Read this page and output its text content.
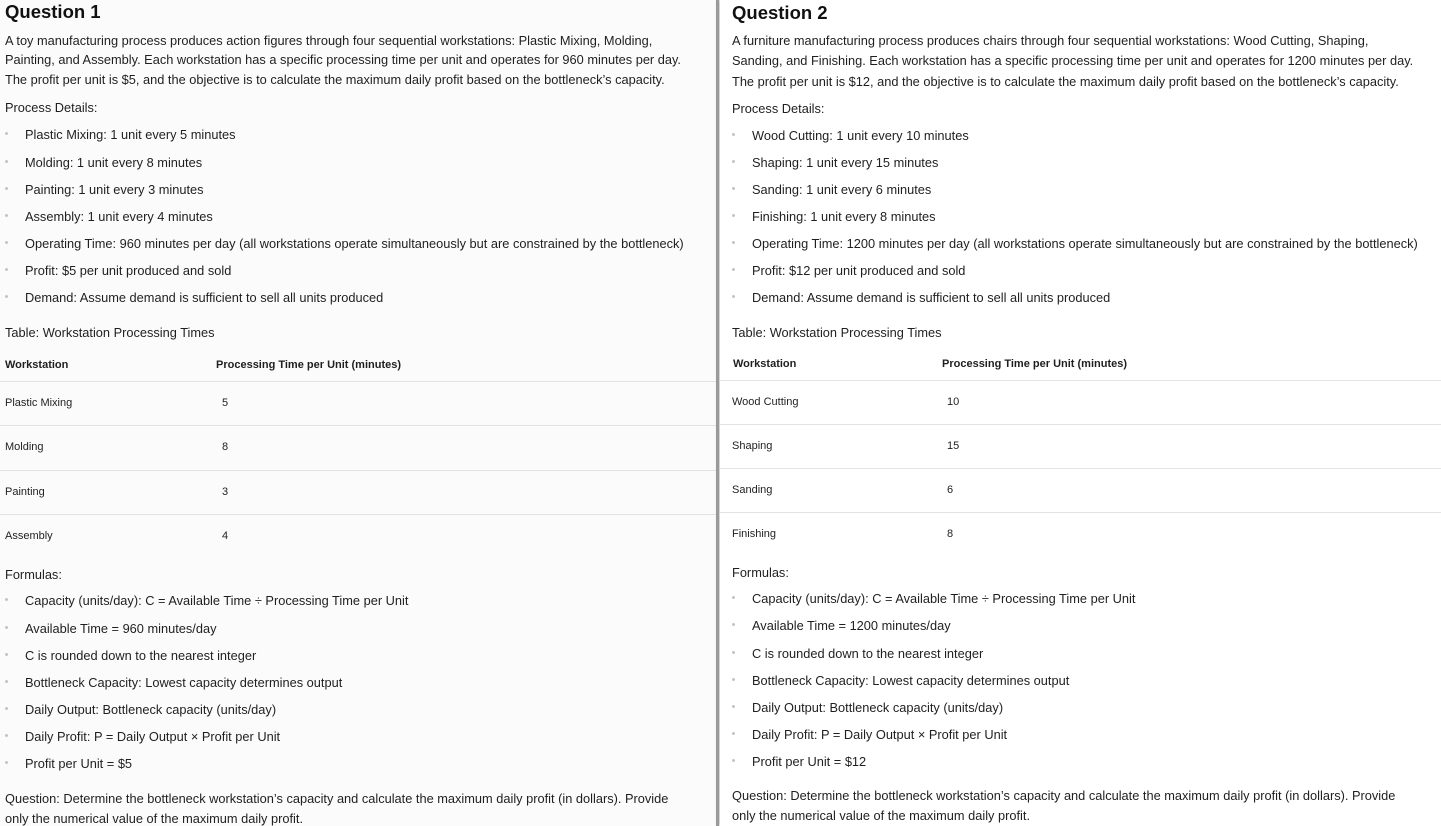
Question 1
A toy manufacturing process produces action figures through four sequential workstations: Plastic Mixing, Molding,
Painting, and Assembly. Each workstation has a specific processing time per unit and operates for 960 minutes per day.
The profit per unit is $5, and the objective is to calculate the maximum daily profit based on the bottleneck’s capacity.
Process Details:
Plastic Mixing: 1 unit every 5 minutes
Molding: 1 unit every 8 minutes
Painting: 1 unit every 3 minutes
Assembly: 1 unit every 4 minutes
Operating Time: 960 minutes per day (all workstations operate simultaneously but are constrained by the bottleneck)
Profit: $5 per unit produced and sold
Demand: Assume demand is sufficient to sell all units produced
Table: Workstation Processing Times
Workstation	Processing Time per Unit (minutes)
Plastic Mixing	5
Molding	8
Painting	3
Assembly	4
Formulas:
Capacity (units/day): C = Available Time ÷ Processing Time per Unit
Available Time = 960 minutes/day
C is rounded down to the nearest integer
Bottleneck Capacity: Lowest capacity determines output
Daily Output: Bottleneck capacity (units/day)
Daily Profit: P = Daily Output × Profit per Unit
Profit per Unit = $5
Question: Determine the bottleneck workstation’s capacity and calculate the maximum daily profit (in dollars). Provide
only the numerical value of the maximum daily profit.
Question 2
A furniture manufacturing process produces chairs through four sequential workstations: Wood Cutting, Shaping,
Sanding, and Finishing. Each workstation has a specific processing time per unit and operates for 1200 minutes per day.
The profit per unit is $12, and the objective is to calculate the maximum daily profit based on the bottleneck’s capacity.
Process Details:
Wood Cutting: 1 unit every 10 minutes
Shaping: 1 unit every 15 minutes
Sanding: 1 unit every 6 minutes
Finishing: 1 unit every 8 minutes
Operating Time: 1200 minutes per day (all workstations operate simultaneously but are constrained by the bottleneck)
Profit: $12 per unit produced and sold
Demand: Assume demand is sufficient to sell all units produced
Table: Workstation Processing Times
Workstation	Processing Time per Unit (minutes)
Wood Cutting	10
Shaping	15
Sanding	6
Finishing	8
Formulas:
Capacity (units/day): C = Available Time ÷ Processing Time per Unit
Available Time = 1200 minutes/day
C is rounded down to the nearest integer
Bottleneck Capacity: Lowest capacity determines output
Daily Output: Bottleneck capacity (units/day)
Daily Profit: P = Daily Output × Profit per Unit
Profit per Unit = $12
Question: Determine the bottleneck workstation’s capacity and calculate the maximum daily profit (in dollars). Provide
only the numerical value of the maximum daily profit.
